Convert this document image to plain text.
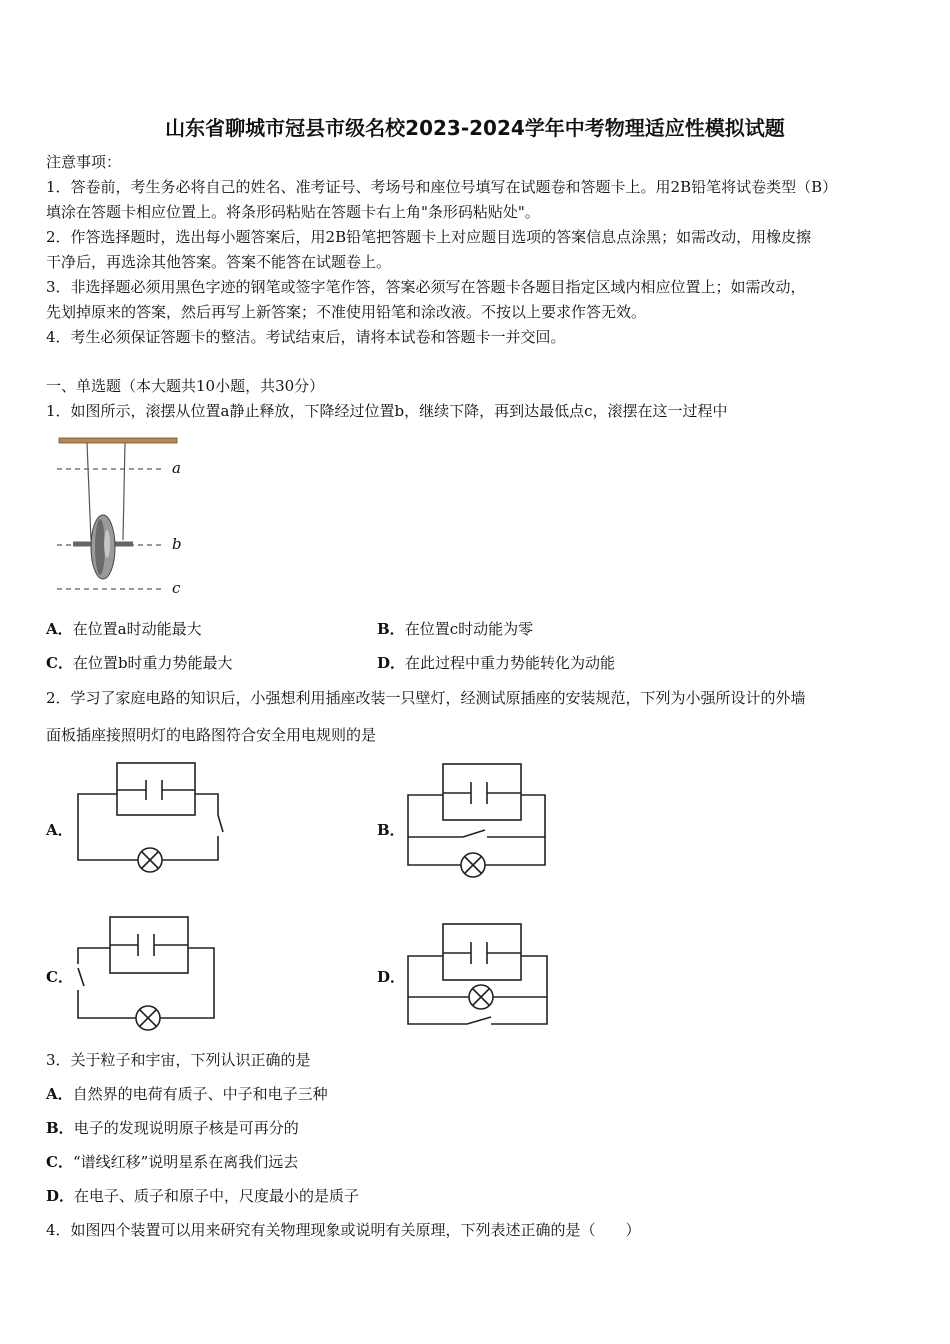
山东省聊城市冠县市级名校2023-2024学年中考物理适应性模拟试题
注意事项：
1．答卷前，考生务必将自己的姓名、准考证号、考场号和座位号填写在试题卷和答题卡上。用2B铅笔将试卷类型（B）
填涂在答题卡相应位置上。将条形码粘贴在答题卡右上角"条形码粘贴处"。
2．作答选择题时，选出每小题答案后，用2B铅笔把答题卡上对应题目选项的答案信息点涂黑；如需改动，用橡皮擦
干净后，再选涂其他答案。答案不能答在试题卷上。
3．非选择题必须用黑色字迹的钢笔或签字笔作答，答案必须写在答题卡各题目指定区域内相应位置上；如需改动，
先划掉原来的答案，然后再写上新答案；不准使用铅笔和涂改液。不按以上要求作答无效。
4．考生必须保证答题卡的整洁。考试结束后，请将本试卷和答题卡一并交回。
一、单选题（本大题共10小题，共30分）
1．如图所示，滚摆从位置a静止释放，下降经过位置b，继续下降，再到达最低点c，滚摆在这一过程中
a
b
c
A．在位置a时动能最大	B．在位置c时动能为零
C．在位置b时重力势能最大	D．在此过程中重力势能转化为动能
2．学习了家庭电路的知识后，小强想利用插座改装一只壁灯，经测试原插座的安装规范，下列为小强所设计的外墙
面板插座接照明灯的电路图符合安全用电规则的是
A．	B．
C．	D．
3．关于粒子和宇宙，下列认识正确的是
A．自然界的电荷有质子、中子和电子三种
B．电子的发现说明原子核是可再分的
C．“谱线红移”说明星系在离我们远去
D．在电子、质子和原子中，尺度最小的是质子
4．如图四个装置可以用来研究有关物理现象或说明有关原理，下列表述正确的是（　　）
